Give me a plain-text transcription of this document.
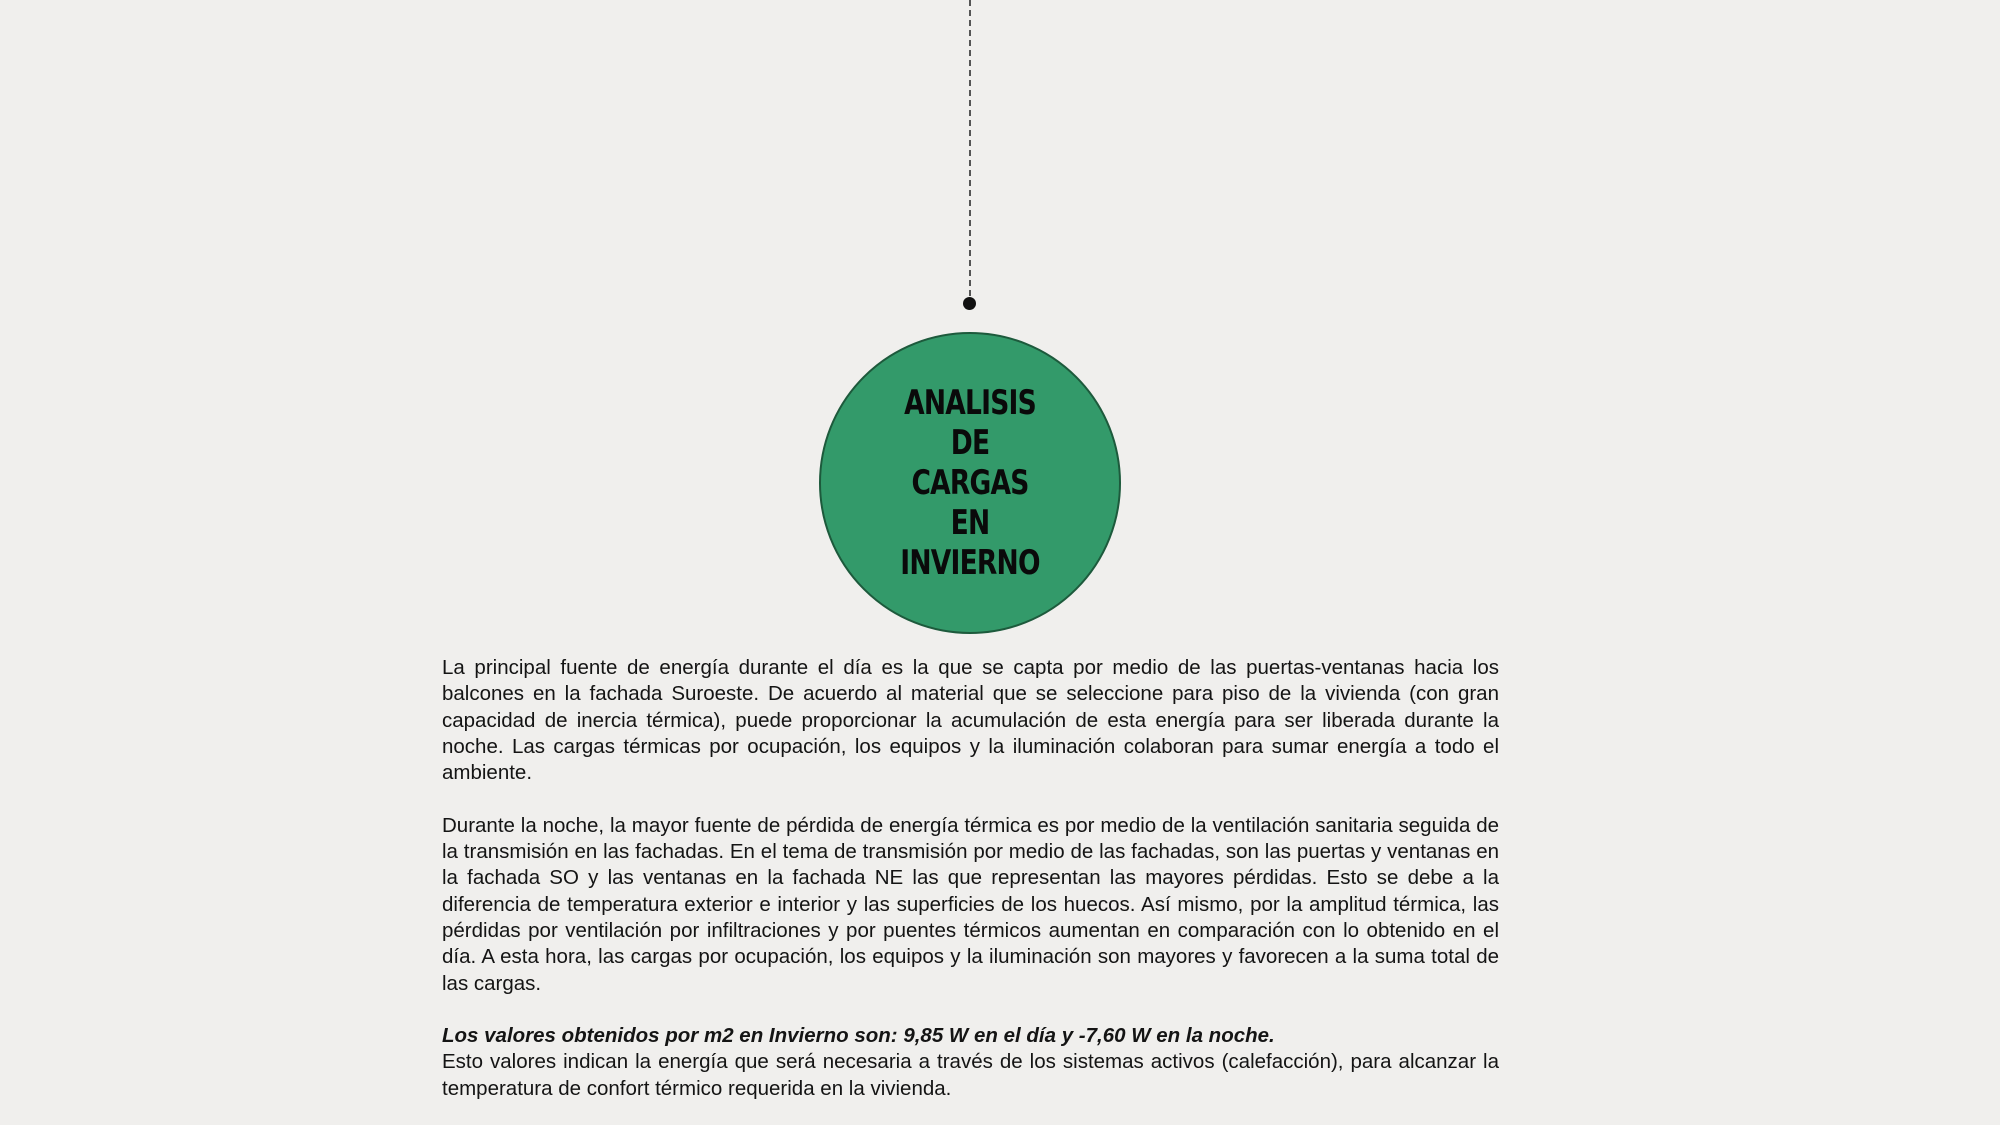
ANALISIS DE
CARGAS EN
INVIERNO

La principal fuente de energía durante el día es la que se capta por medio de las puertas-ventanas hacia los balcones en la fachada Suroeste. De acuerdo al material que se seleccione para piso de la vivienda (con gran capacidad de inercia térmica), puede proporcionar la acumulación de esta energía para ser liberada durante la noche. Las cargas térmicas por ocupación, los equipos y la iluminación colaboran para sumar energía a todo el ambiente.

Durante la noche, la mayor fuente de pérdida de energía térmica es por medio de la ventilación sanitaria seguida de la transmisión en las fachadas. En el tema de transmisión por medio de las fachadas, son las puertas y ventanas en la fachada SO y las ventanas en la fachada NE las que representan las mayores pérdidas. Esto se debe a la diferencia de temperatura exterior e interior y las superficies de los huecos. Así mismo, por la amplitud térmica, las pérdidas por ventilación por infiltraciones y por puentes térmicos aumentan en comparación con lo obtenido en el día. A esta hora, las cargas por ocupación, los equipos y la iluminación son mayores y favorecen a la suma total de las cargas.

Los valores obtenidos por m2 en Invierno son: 9,85 W en el día y -7,60 W en la noche.
Esto valores indican la energía que será necesaria a través de los sistemas activos (calefacción), para alcanzar la temperatura de confort térmico requerida en la vivienda.
